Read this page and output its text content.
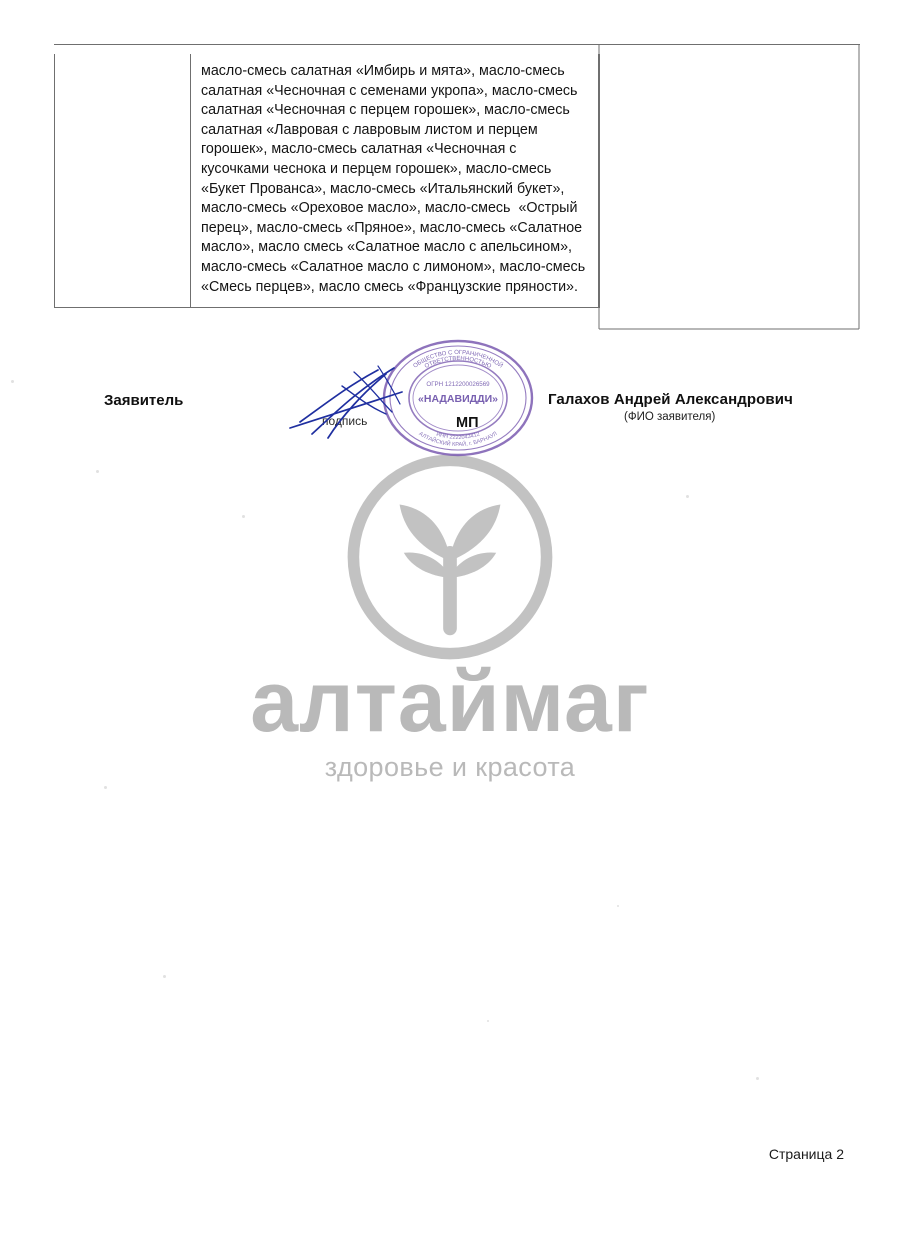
масло-смесь салатная «Имбирь и мята», масло-смесь салатная «Чесночная с семенами укропа», масло-смесь салатная «Чесночная с перцем горошек», масло-смесь салатная «Лавровая с лавровым листом и перцем горошек», масло-смесь салатная «Чесночная с кусочками чеснока и перцем горошек», масло-смесь «Букет Прованса», масло-смесь «Итальянский букет», масло-смесь «Ореховое масло», масло-смесь  «Острый перец», масло-смесь «Пряное», масло-смесь «Салатное масло», масло смесь «Салатное масло с апельсином», масло-смесь «Салатное масло с лимоном», масло-смесь «Смесь перцев», масло смесь «Французские пряности».
алтаймаг
здоровье и красота
Заявитель
подпись	МП
Галахов Андрей Александрович
(ФИО заявителя)
ОБЩЕСТВО С ОГРАНИЧЕННОЙ
ОТВЕТСТВЕННОСТЬЮ
АЛТАЙСКИЙ КРАЙ, г. БАРНАУЛ
ИНН 2222043412
ОГРН 1212200026569
«НАДАВИДДИ»
Страница 2
